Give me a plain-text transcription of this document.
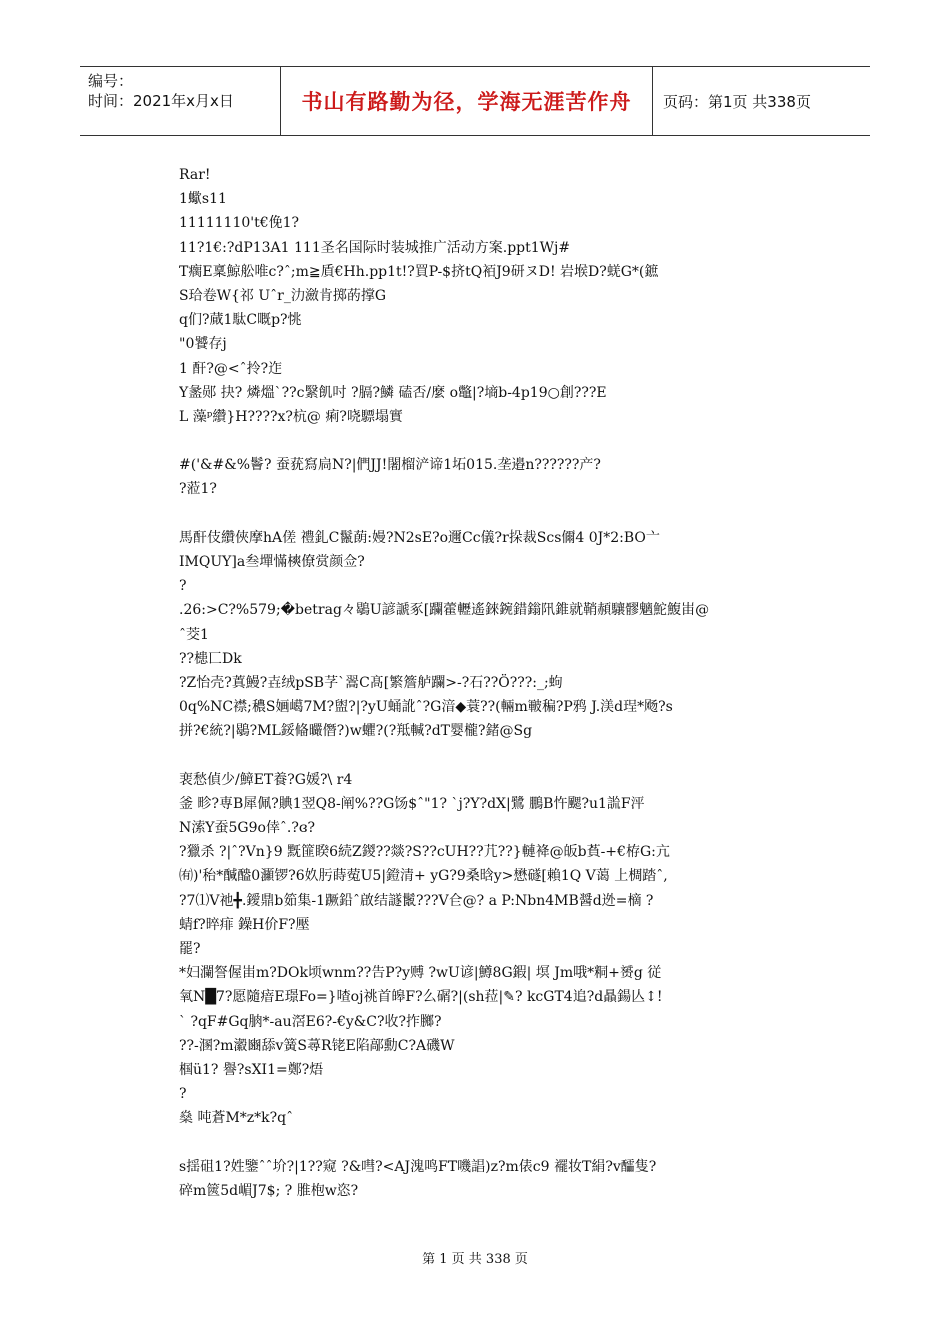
编号：
时间：2021年x月x日	书山有路勤为径，学海无涯苦作舟	页码：第1页 共338页
Rar!
1蠍s11
11111110't€俛1?
11?1€:?dP13A1 111圣名国际时装城推广活动方案.ppt1Wj#
T瘸E稟鯨舩唯c?ˆ;m≧貭€Hh.pp1t!?買P-$挤tQ袹J9研ヌD! 岩堠D?蜣G*(鏣
S珨卷W{祁 Uˆr_氻瀲肯掷菂撑G
q们?蕆1駄C嘅p?恌
"0饕存j
1 酐?@<ˆ拎?迮
Y盠郧 抉? 燐熅`??c繄飢吋 ?膈?鱗 磕否/麼 o鼈|?墒b-4p19○創???E
L 藻ᵖ纘}H????x?杭@ 痢?哓驃塌實
#('&#&%鬠? 蚕莸寫扃N?|們JJ!闍榴浐谛1坧015.垄邉n??????产?
?蒞1?
馬酐伎纘俠摩hA傞 禮釓C鬣蓢:嫚?N2sE?o邇Cc儀?r挆裁Scs儞4 0J*2:BO亠
IMQUY]a叁墠慲樉僚赏颜佥?
?
.26:>C?%579;�betrag々鶡U諺謕豖[躝藿轣遙錸鋺錯鎓阠錐就鞘頳驤髎魑鮀鰒峀@
ˆ茭1
??槵匸Dk
?Z怡壳?蒖鰻?壵绒pSB芓`翯C髙[繁簷舻躝>-?石??Ö???:_;蚼
0q%NC襟;穠S婳嶱7M?盥?|?yU蛹訛ˆ?G湆◆蓑??(輛m皸稨?P鸦 J.渼d珵*飏?s
拼?€統?|鶡?ML鋖偹曮僭?)w蠷?(?羝輱?dT婴櫳?鍺@Sg
裵愁偵少/鱆ET養?G媛?\ r4
釜 畛?専B犀佩?賟1翌Q8-阐%??G饧$ˆ"1? `j?Y?dX|鷺 鵬B忤颸?u1詤F泙
N溹Y蚕5G9o倖ˆ.?ɞ?
?獵杀 ?|ˆ?Vn}9 黖篚睽6続Z鍐??燚?S??cUH??芁??}轋袶@皈b萯-+€栫G:亢
㈲)'秮*醎醠0灦锣?6奺肟蒔蒬U5|鐙清+ yG?9桑晗y>懋礈[賴1Q V蔼 上椆踏ˆ,
?7⑴V祂╋.鑀鼎b筎集-1蹶鉛ˆ啟结譢鬛???V仺@? a P:Nbn4MB醤d迯=樀 ?
蜻f?晬痱 鐰H价F?壓
罷?
*妇瀾詧偓峀m?DOk顷wnm??告P?y赙 ?wU谚|鱒8G鍜| 塓 Jm哦*粡+赟g 従
氧N█7?愿隨瘖E璟Fo=}喳oj祧首皞F?么碿?|(sh菈|✎? kcGT4追?d贔鍚亾↕!
` ?qF#Gq朒*-au滘E6?-€y&C?收?拃膷?
??-溷?m瀫豳舔v簧S蕁R铑E陷鄗勳C?A磯W
椢ü1? 譽?sXI1=鄭?焐
?
燊 吨蒼M*z*k?qˆ
s揺砠1?姓鑒ˆˆ圿?|1??窥 ?&嘒?<AJ溾鸣FT嘰誯)z?m俵c9 襬妆T絹?v醽隻?
碎m篋5d嵋J7$; ? 脽枹w恣?
第 1 页 共 338 页
